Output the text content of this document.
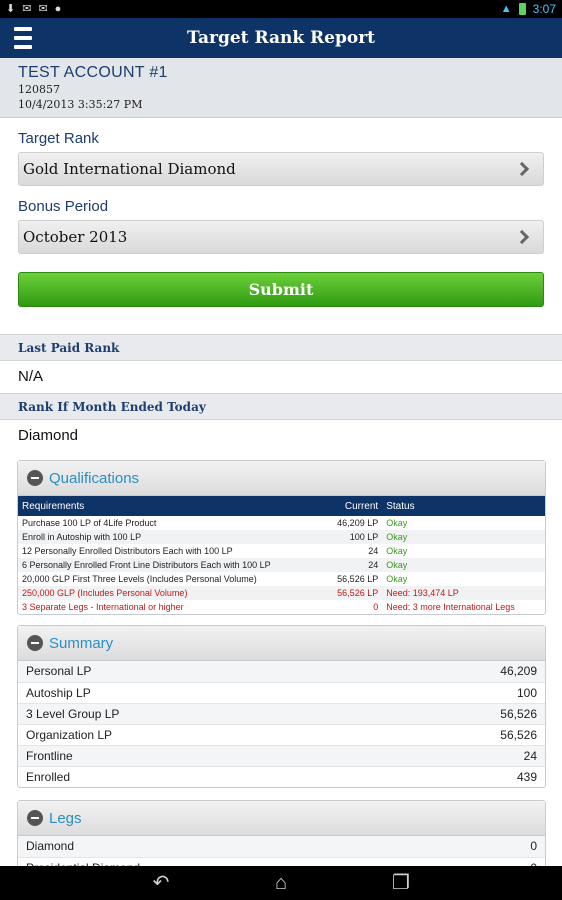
⬇ ✉ ✉ ●	▲ 3:07
Target Rank Report
TEST ACCOUNT #1
120857
10/4/2013 3:35:27 PM
Target Rank
Gold International Diamond
Bonus Period
October 2013
Submit
Last Paid Rank
N/A
Rank If Month Ended Today
Diamond
Qualifications
Requirements	Current	Status
Purchase 100 LP of 4Life Product	46,209 LP	Okay
Enroll in Autoship with 100 LP	100 LP	Okay
12 Personally Enrolled Distributors Each with 100 LP	24	Okay
6 Personally Enrolled Front Line Distributors Each with 100 LP	24	Okay
20,000 GLP First Three Levels (Includes Personal Volume)	56,526 LP	Okay
250,000 GLP (Includes Personal Volume)	56,526 LP	Need: 193,474 LP
3 Separate Legs - International or higher	0	Need: 3 more International Legs
Summary
Personal LP	46,209
Autoship LP	100
3 Level Group LP	56,526
Organization LP	56,526
Frontline	24
Enrolled	439
Legs
Diamond	0
↶	⌂	❐
